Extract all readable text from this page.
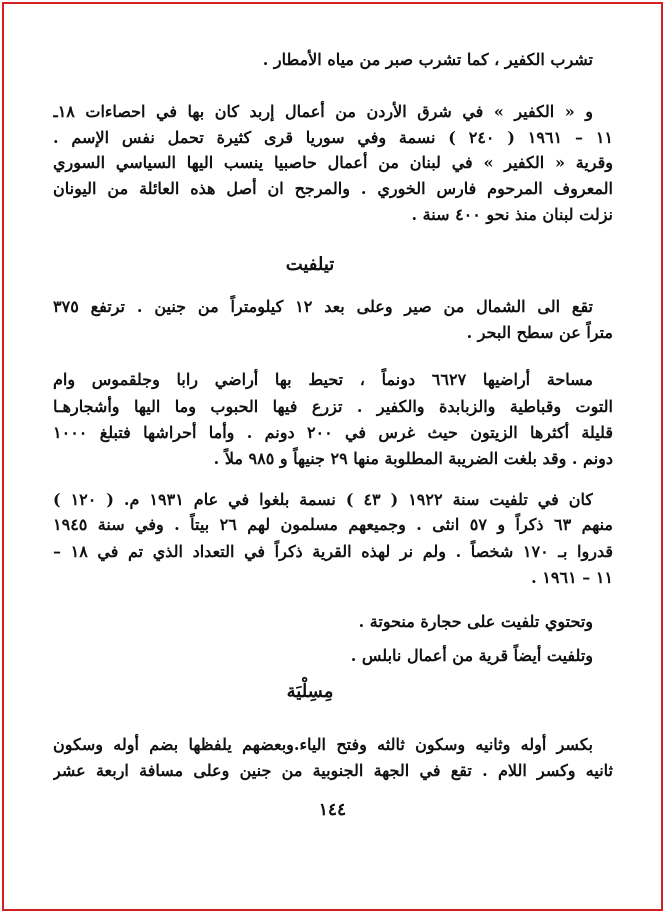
تشرب الكفير ، كما تشرب صبر من مياه الأمطار .
و « الكفير » في شرق الأردن من أعمال إربد كان بها في احصاءات ١٨ـ
١١ – ١٩٦١ ( ٢٤٠ ) نسمة وفي سوريا قرى كثيرة تحمل نفس الإسم .
وقرية « الكفير » في لبنان من أعمال حاصبيا ينسب اليها السياسي السوري
المعروف المرحوم فارس الخوري . والمرجح ان أصل هذه العائلة من اليونان
نزلت لبنان منذ نحو ٤٠٠ سنة .
تيلفيت
تقع الى الشمال من صير وعلى بعد ١٢ كيلومتراً من جنين . ترتفع ٣٧٥
متراً عن سطح البحر .
مساحة أراضيها ٦٦٢٧ دونماً ، تحيط بها أراضي رابا وجلقموس وام
التوت وقباطية والزبابدة والكفير . تزرع فيها الحبوب وما اليها وأشجارهـا
قليلة أكثرها الزيتون حيث غرس في ٢٠٠ دونم . وأما أحراشها فتبلغ ١٠٠٠
دونم . وقد بلغت الضريبة المطلوبة منها ٢٩ جنيهاً و ٩٨٥ ملاً .
كان في تلفيت سنة ١٩٢٢ ( ٤٣ ) نسمة بلغوا في عام ١٩٣١ م. ( ١٢٠ )
منهم ٦٣ ذكراً و ٥٧ انثى . وجميعهم مسلمون لهم ٢٦ بيتاً . وفي سنة ١٩٤٥
قدروا بـ ١٧٠ شخصاً . ولم نر لهذه القرية ذكراً في التعداد الذي تم في ١٨ –
١١ – ١٩٦١ .
وتحتوي تلفيت على حجارة منحوتة .
وتلفيت أيضاً قرية من أعمال نابلس .
مِسِلْيَة
بكسر أوله وثانيه وسكون ثالثه وفتح الياء.وبعضهم يلفظها بضم أوله وسكون
ثانيه وكسر اللام . تقع في الجهة الجنوبية من جنين وعلى مسافة اربعة عشر
١٤٤
